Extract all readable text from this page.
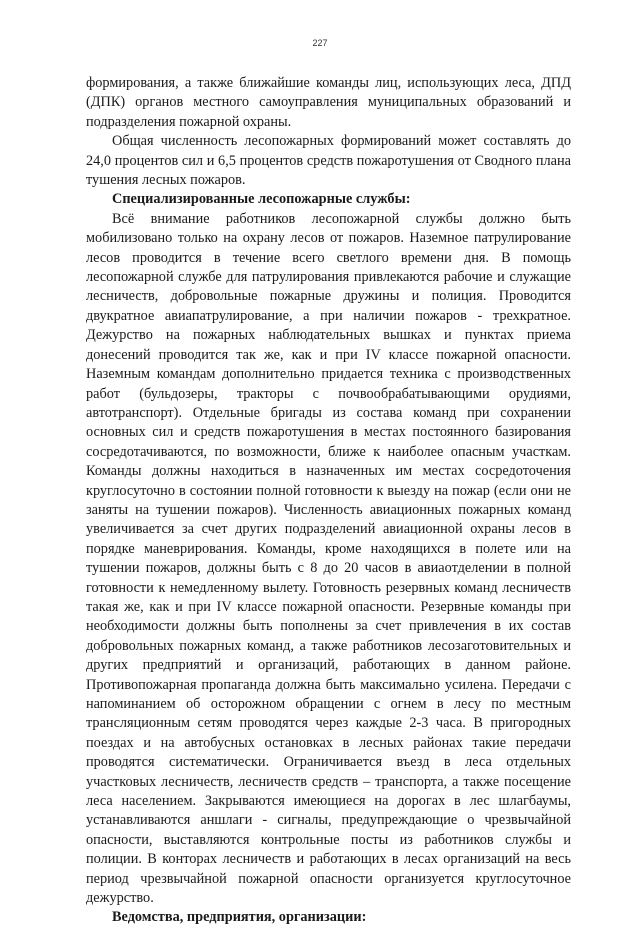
227

формирования, а также ближайшие команды лиц, использующих леса, ДПД (ДПК) органов местного самоуправления муниципальных образований и подразделения пожарной охраны.

Общая численность лесопожарных формирований может составлять до 24,0 процентов сил и 6,5 процентов средств пожаротушения от Сводного плана тушения лесных пожаров.

Специализированные лесопожарные службы:

Всё внимание работников лесопожарной службы должно быть мобилизовано только на охрану лесов от пожаров. Наземное патрулирование лесов проводится в течение всего светлого времени дня. В помощь лесопожарной службе для патрулирования привлекаются рабочие и служащие лесничеств, добровольные пожарные дружины и полиция. Проводится двукратное авиапатрулирование, а при наличии пожаров - трехкратное. Дежурство на пожарных наблюдательных вышках и пунктах приема донесений проводится так же, как и при IV классе пожарной опасности. Наземным командам дополнительно придается техника с производственных работ (бульдозеры, тракторы с почвообрабатывающими орудиями, автотранспорт). Отдельные бригады из состава команд при сохранении основных сил и средств пожаротушения в местах постоянного базирования сосредотачиваются, по возможности, ближе к наиболее опасным участкам. Команды должны находиться в назначенных им местах сосредоточения круглосуточно в состоянии полной готовности к выезду на пожар (если они не заняты на тушении пожаров). Численность авиационных пожарных команд увеличивается за счет других подразделений авиационной охраны лесов в порядке маневрирования. Команды, кроме находящихся в полете или на тушении пожаров, должны быть с 8 до 20 часов в авиаотделении в полной готовности к немедленному вылету. Готовность резервных команд лесничеств такая же, как и при IV классе пожарной опасности. Резервные команды при необходимости должны быть пополнены за счет привлечения в их состав добровольных пожарных команд, а также работников лесозаготовительных и других предприятий и организаций, работающих в данном районе. Противопожарная пропаганда должна быть максимально усилена. Передачи с напоминанием об осторожном обращении с огнем в лесу по местным трансляционным сетям проводятся через каждые 2-3 часа. В пригородных поездах и на автобусных остановках в лесных районах такие передачи проводятся систематически. Ограничивается въезд в леса отдельных участковых лесничеств, лесничеств средств – транспорта, а также посещение леса населением. Закрываются имеющиеся на дорогах в лес шлагбаумы, устанавливаются аншлаги - сигналы, предупреждающие о чрезвычайной опасности, выставляются контрольные посты из работников службы и полиции. В конторах лесничеств и работающих в лесах организаций на весь период чрезвычайной пожарной опасности организуется круглосуточное дежурство.

Ведомства, предприятия, организации:
